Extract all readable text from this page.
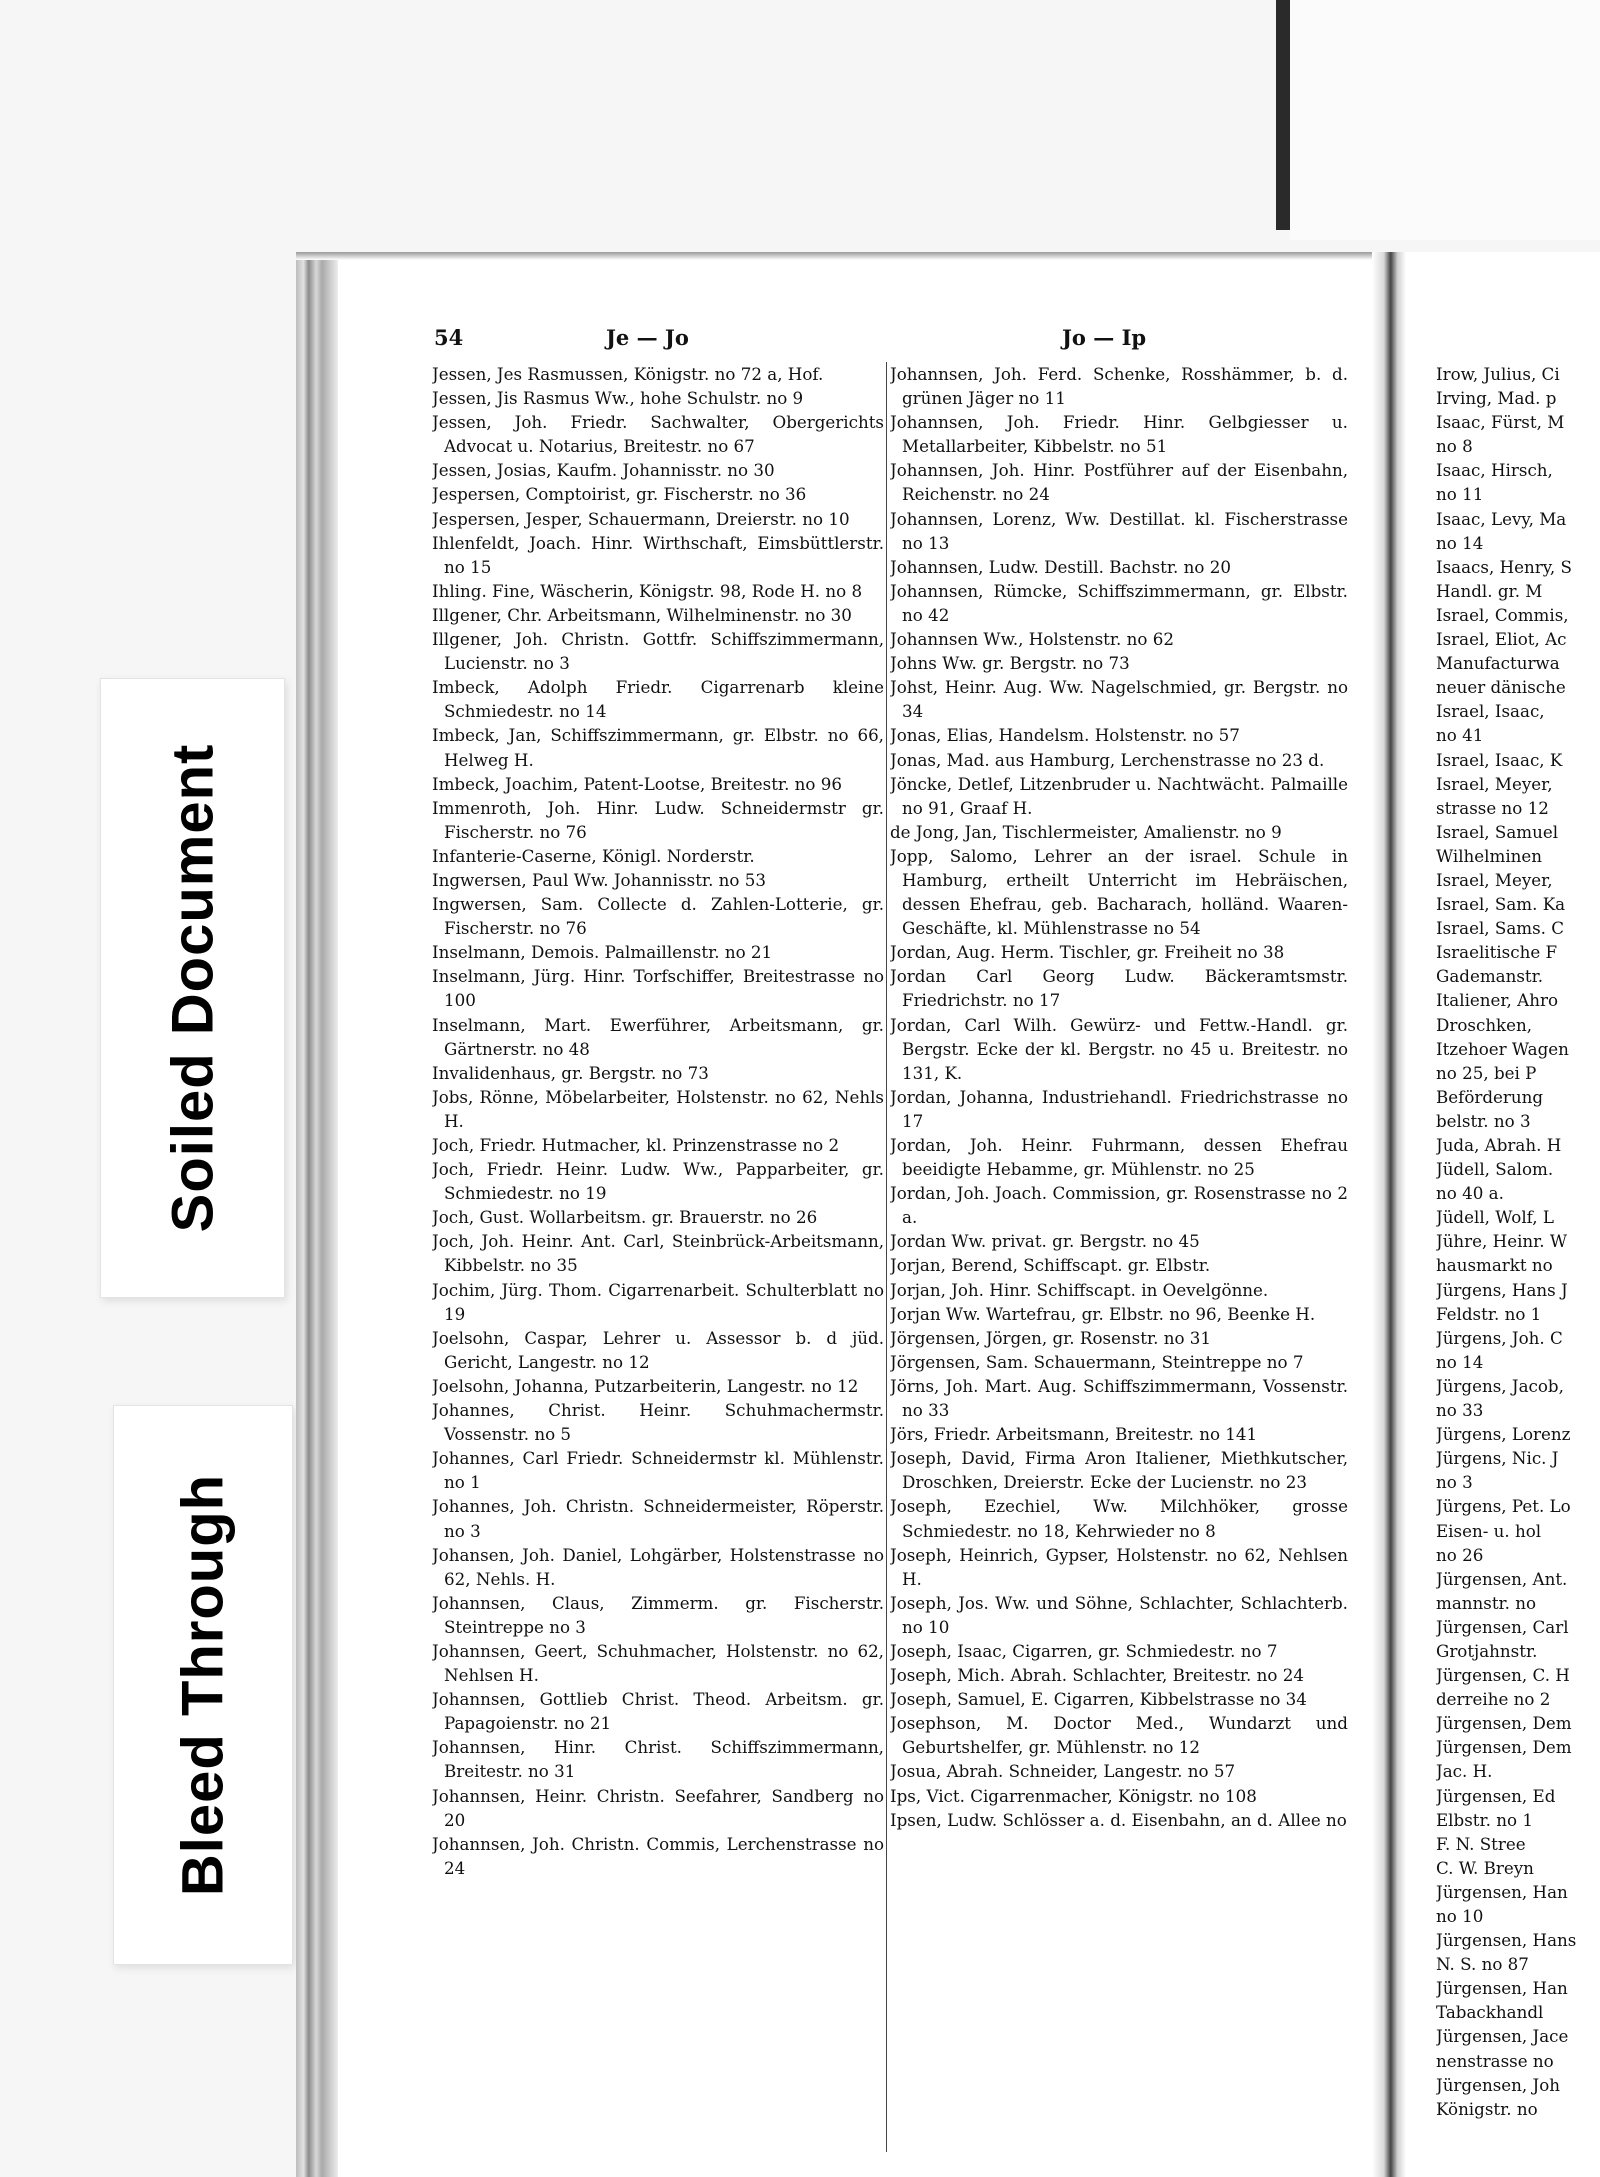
Soiled Document
Bleed Through
54	Je — Jo	Jo — Ip
Jessen, Jes Rasmussen, Königstr. no 72 a, Hof.
Jessen, Jis Rasmus Ww., hohe Schulstr. no 9
Jessen, Joh. Friedr. Sachwalter, Obergerichts Advocat u. Notarius, Breitestr. no 67
Jessen, Josias, Kaufm. Johannisstr. no 30
Jespersen, Comptoirist, gr. Fischerstr. no 36
Jespersen, Jesper, Schauermann, Dreierstr. no 10
Ihlenfeldt, Joach. Hinr. Wirthschaft, Eimsbüttlerstr. no 15
Ihling. Fine, Wäscherin, Königstr. 98, Rode H. no 8
Illgener, Chr. Arbeitsmann, Wilhelminenstr. no 30
Illgener, Joh. Christn. Gottfr. Schiffszimmermann, Lucienstr. no 3
Imbeck, Adolph Friedr. Cigarrenarb kleine Schmiedestr. no 14
Imbeck, Jan, Schiffszimmermann, gr. Elbstr. no 66, Helweg H.
Imbeck, Joachim, Patent-Lootse, Breitestr. no 96
Immenroth, Joh. Hinr. Ludw. Schneidermstr gr. Fischerstr. no 76
Infanterie-Caserne, Königl. Norderstr.
Ingwersen, Paul Ww. Johannisstr. no 53
Ingwersen, Sam. Collecte d. Zahlen-Lotterie, gr. Fischerstr. no 76
Inselmann, Demois. Palmaillenstr. no 21
Inselmann, Jürg. Hinr. Torfschiffer, Breitestrasse no 100
Inselmann, Mart. Ewerführer, Arbeitsmann, gr. Gärtnerstr. no 48
Invalidenhaus, gr. Bergstr. no 73
Jobs, Rönne, Möbelarbeiter, Holstenstr. no 62, Nehls H.
Joch, Friedr. Hutmacher, kl. Prinzenstrasse no 2
Joch, Friedr. Heinr. Ludw. Ww., Papparbeiter, gr. Schmiedestr. no 19
Joch, Gust. Wollarbeitsm. gr. Brauerstr. no 26
Joch, Joh. Heinr. Ant. Carl, Steinbrück-Arbeitsmann, Kibbelstr. no 35
Jochim, Jürg. Thom. Cigarrenarbeit. Schulterblatt no 19
Joelsohn, Caspar, Lehrer u. Assessor b. d jüd. Gericht, Langestr. no 12
Joelsohn, Johanna, Putzarbeiterin, Langestr. no 12
Johannes, Christ. Heinr. Schuhmachermstr. Vossenstr. no 5
Johannes, Carl Friedr. Schneidermstr kl. Mühlenstr. no 1
Johannes, Joh. Christn. Schneidermeister, Röperstr. no 3
Johansen, Joh. Daniel, Lohgärber, Holstenstrasse no 62, Nehls. H.
Johannsen, Claus, Zimmerm. gr. Fischerstr. Steintreppe no 3
Johannsen, Geert, Schuhmacher, Holstenstr. no 62, Nehlsen H.
Johannsen, Gottlieb Christ. Theod. Arbeitsm. gr. Papagoienstr. no 21
Johannsen, Hinr. Christ. Schiffszimmermann, Breitestr. no 31
Johannsen, Heinr. Christn. Seefahrer, Sandberg no 20
Johannsen, Joh. Christn. Commis, Lerchenstrasse no 24
Johannsen, Joh. Ferd. Schenke, Rosshämmer, b. d. grünen Jäger no 11
Johannsen, Joh. Friedr. Hinr. Gelbgiesser u. Metallarbeiter, Kibbelstr. no 51
Johannsen, Joh. Hinr. Postführer auf der Eisenbahn, Reichenstr. no 24
Johannsen, Lorenz, Ww. Destillat. kl. Fischerstrasse no 13
Johannsen, Ludw. Destill. Bachstr. no 20
Johannsen, Rümcke, Schiffszimmermann, gr. Elbstr. no 42
Johannsen Ww., Holstenstr. no 62
Johns Ww. gr. Bergstr. no 73
Johst, Heinr. Aug. Ww. Nagelschmied, gr. Bergstr. no 34
Jonas, Elias, Handelsm. Holstenstr. no 57
Jonas, Mad. aus Hamburg, Lerchenstrasse no 23 d.
Jöncke, Detlef, Litzenbruder u. Nachtwächt. Palmaille no 91, Graaf H.
de Jong, Jan, Tischlermeister, Amalienstr. no 9
Jopp, Salomo, Lehrer an der israel. Schule in Hamburg, ertheilt Unterricht im Hebräischen, dessen Ehefrau, geb. Bacharach, holländ. Waaren-Geschäfte, kl. Mühlenstrasse no 54
Jordan, Aug. Herm. Tischler, gr. Freiheit no 38
Jordan Carl Georg Ludw. Bäckeramtsmstr. Friedrichstr. no 17
Jordan, Carl Wilh. Gewürz- und Fettw.-Handl. gr. Bergstr. Ecke der kl. Bergstr. no 45 u. Breitestr. no 131, K.
Jordan, Johanna, Industriehandl. Friedrichstrasse no 17
Jordan, Joh. Heinr. Fuhrmann, dessen Ehefrau beeidigte Hebamme, gr. Mühlenstr. no 25
Jordan, Joh. Joach. Commission, gr. Rosenstrasse no 2 a.
Jordan Ww. privat. gr. Bergstr. no 45
Jorjan, Berend, Schiffscapt. gr. Elbstr.
Jorjan, Joh. Hinr. Schiffscapt. in Oevelgönne.
Jorjan Ww. Wartefrau, gr. Elbstr. no 96, Beenke H.
Jörgensen, Jörgen, gr. Rosenstr. no 31
Jörgensen, Sam. Schauermann, Steintreppe no 7
Jörns, Joh. Mart. Aug. Schiffszimmermann, Vossenstr. no 33
Jörs, Friedr. Arbeitsmann, Breitestr. no 141
Joseph, David, Firma Aron Italiener, Miethkutscher, Droschken, Dreierstr. Ecke der Lucienstr. no 23
Joseph, Ezechiel, Ww. Milchhöker, grosse Schmiedestr. no 18, Kehrwieder no 8
Joseph, Heinrich, Gypser, Holstenstr. no 62, Nehlsen H.
Joseph, Jos. Ww. und Söhne, Schlachter, Schlachterb. no 10
Joseph, Isaac, Cigarren, gr. Schmiedestr. no 7
Joseph, Mich. Abrah. Schlachter, Breitestr. no 24
Joseph, Samuel, E. Cigarren, Kibbelstrasse no 34
Josephson, M. Doctor Med., Wundarzt und Geburtshelfer, gr. Mühlenstr. no 12
Josua, Abrah. Schneider, Langestr. no 57
Ips, Vict. Cigarrenmacher, Königstr. no 108
Ipsen, Ludw. Schlösser a. d. Eisenbahn, an d. Allee no
Irow, Julius, Ci
Irving, Mad. p
Isaac, Fürst, M
no 8
Isaac, Hirsch,
no 11
Isaac, Levy, Ma
no 14
Isaacs, Henry, S
Handl. gr. M
Israel, Commis,
Israel, Eliot, Ac
Manufacturwa
neuer dänische
Israel, Isaac,
no 41
Israel, Isaac, K
Israel, Meyer,
strasse no 12
Israel, Samuel
Wilhelminen
Israel, Meyer,
Israel, Sam. Ka
Israel, Sams. C
Israelitische F
Gademanstr.
Italiener, Ahro
Droschken,
Itzehoer Wagen
no 25, bei P
Beförderung
belstr. no 3
Juda, Abrah. H
Jüdell, Salom.
no 40 a.
Jüdell, Wolf, L
Jühre, Heinr. W
hausmarkt no
Jürgens, Hans J
Feldstr. no 1
Jürgens, Joh. C
no 14
Jürgens, Jacob,
no 33
Jürgens, Lorenz
Jürgens, Nic. J
no 3
Jürgens, Pet. Lo
Eisen- u. hol
no 26
Jürgensen, Ant.
mannstr. no
Jürgensen, Carl
Grotjahnstr.
Jürgensen, C. H
derreihe no 2
Jürgensen, Dem
Jürgensen, Dem
Jac. H.
Jürgensen, Ed
Elbstr. no 1
F. N. Stree
C. W. Breyn
Jürgensen, Han
no 10
Jürgensen, Hans
N. S. no 87
Jürgensen, Han
Tabackhandl
Jürgensen, Jace
nenstrasse no
Jürgensen, Joh
Königstr. no
